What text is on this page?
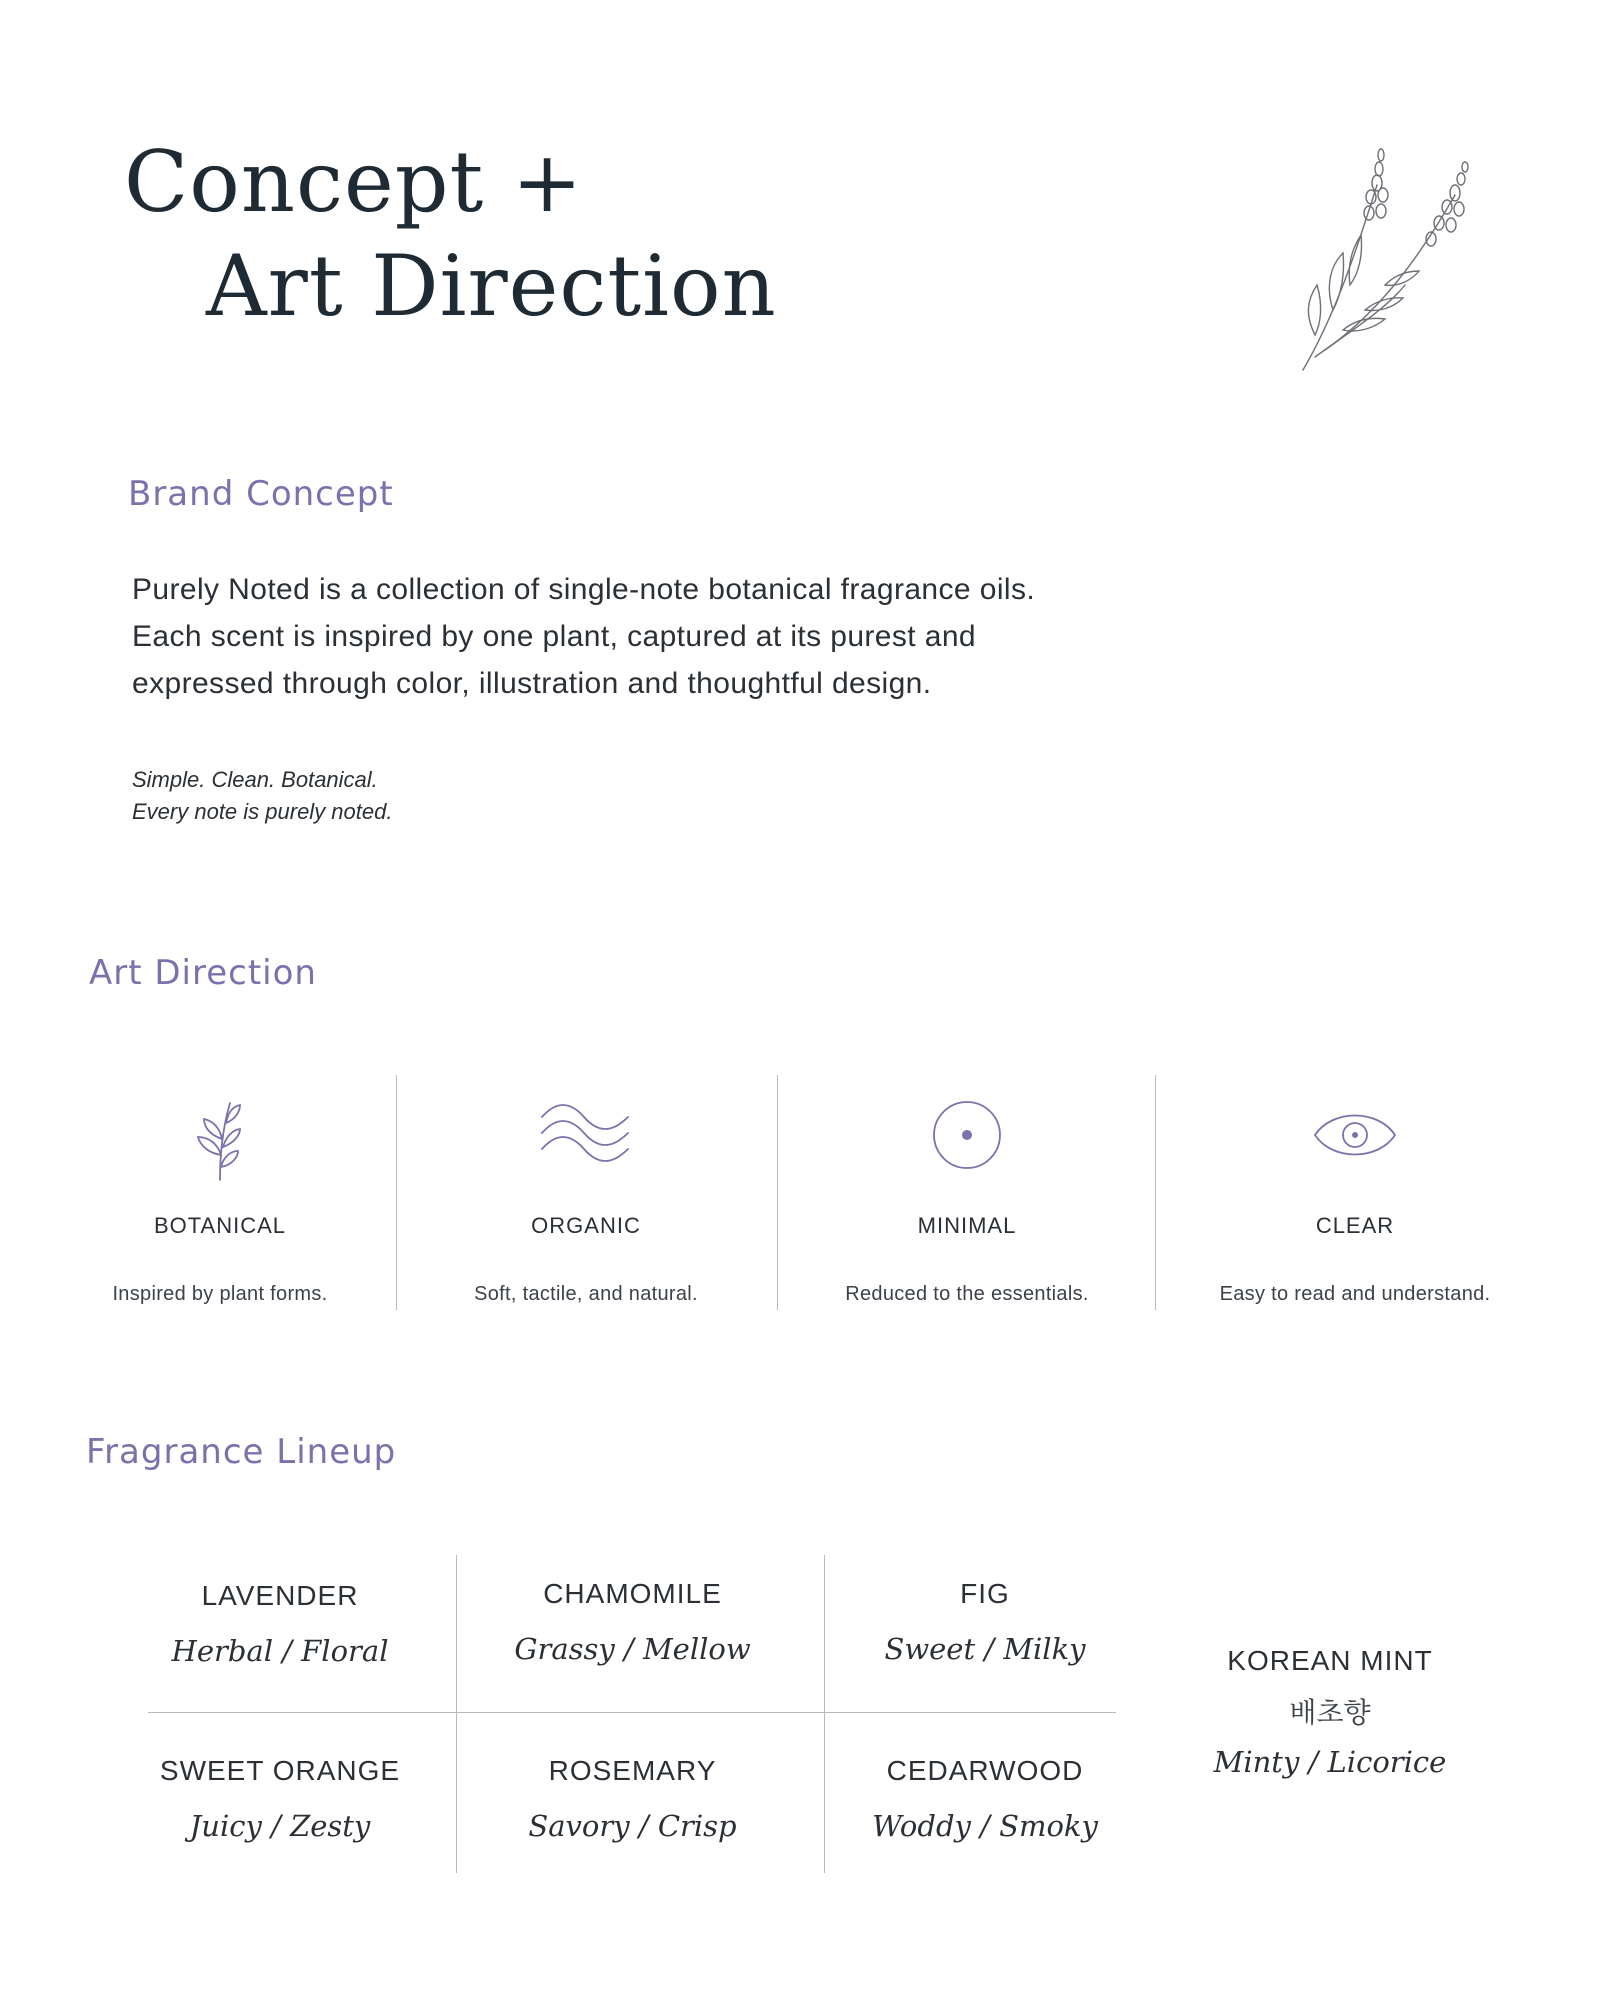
Concept +
Art Direction
Brand Concept
Purely Noted is a collection of single-note botanical fragrance oils.
Each scent is inspired by one plant, captured at its purest and
expressed through color, illustration and thoughtful design.
Simple. Clean. Botanical.
Every note is purely noted.
Art Direction
BOTANICAL
Inspired by plant forms.
ORGANIC
Soft, tactile, and natural.
MINIMAL
Reduced to the essentials.
CLEAR
Easy to read and understand.
Fragrance Lineup
LAVENDER
Herbal / Floral
CHAMOMILE
Grassy / Mellow
FIG
Sweet / Milky
SWEET ORANGE
Juicy / Zesty
ROSEMARY
Savory / Crisp
CEDARWOOD
Woddy / Smoky
KOREAN MINT
배초향
Minty / Licorice
